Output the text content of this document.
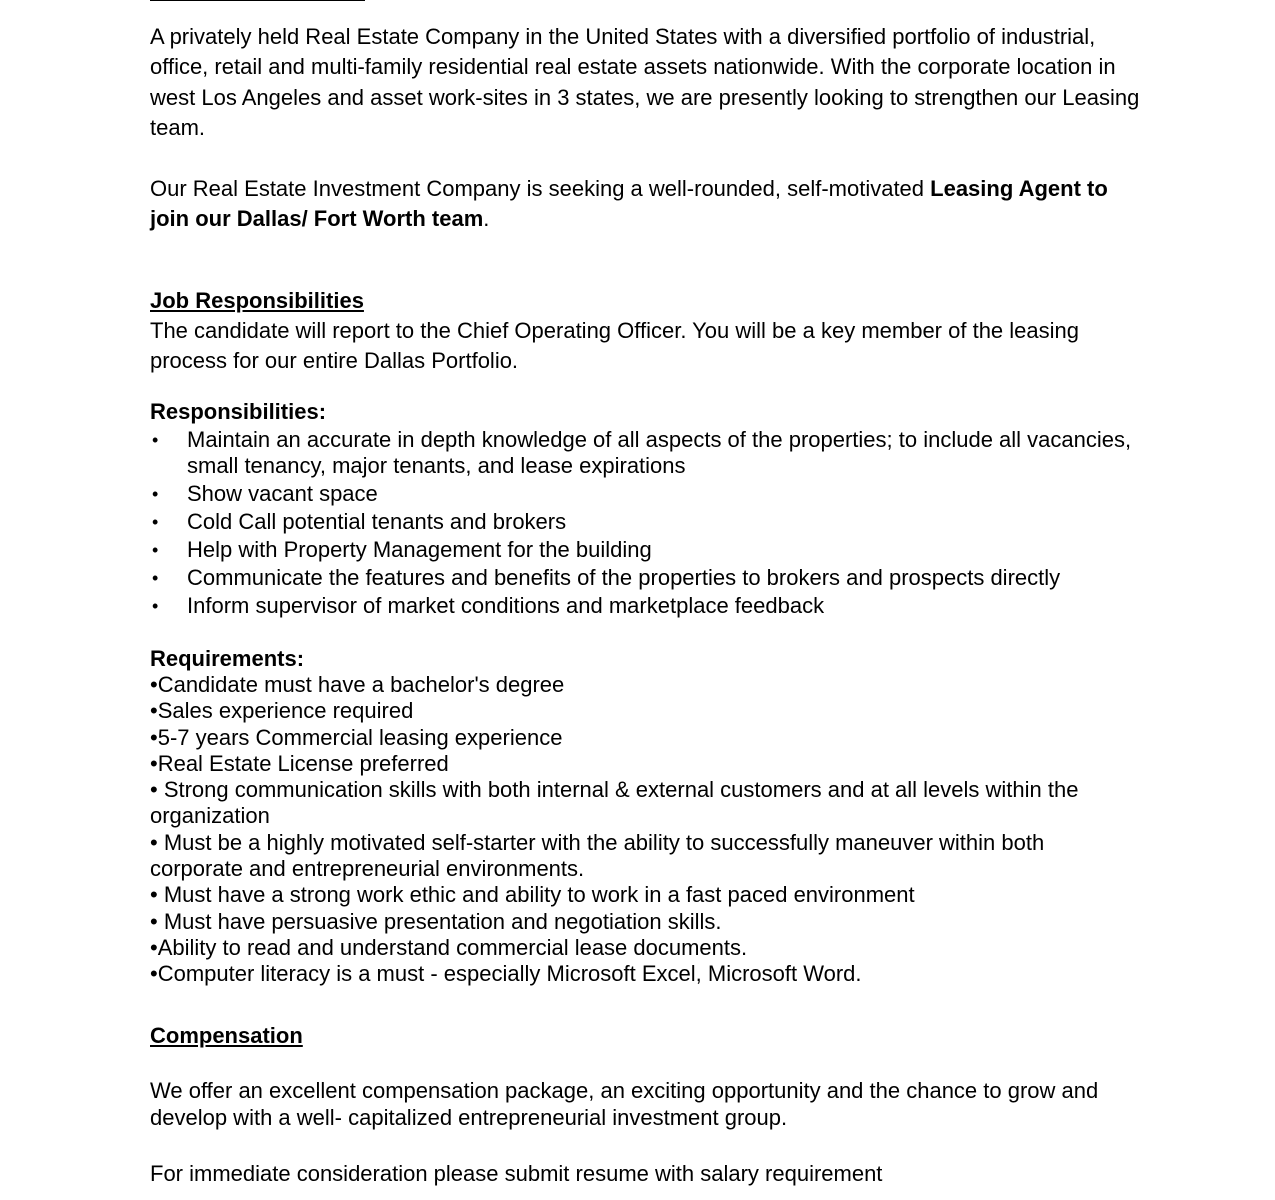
A privately held Real Estate Company in the United States with a diversified portfolio of industrial, office, retail and multi-family residential real estate assets nationwide. With the corporate location in west Los Angeles and asset work-sites in 3 states, we are presently looking to strengthen our Leasing team.

Our Real Estate Investment Company is seeking a well-rounded, self-motivated Leasing Agent to join our Dallas/ Fort Worth team.

Job Responsibilities

The candidate will report to the Chief Operating Officer. You will be a key member of the leasing process for our entire Dallas Portfolio.

Responsibilities:
• Maintain an accurate in depth knowledge of all aspects of the properties; to include all vacancies, small tenancy, major tenants, and lease expirations
• Show vacant space
• Cold Call potential tenants and brokers
• Help with Property Management for the building
• Communicate the features and benefits of the properties to brokers and prospects directly
• Inform supervisor of market conditions and marketplace feedback
Requirements:
•Candidate must have a bachelor's degree
•Sales experience required
•5-7 years Commercial leasing experience
•Real Estate License preferred
• Strong communication skills with both internal & external customers and at all levels within the organization
• Must be a highly motivated self-starter with the ability to successfully maneuver within both corporate and entrepreneurial environments.
• Must have a strong work ethic and ability to work in a fast paced environment
• Must have persuasive presentation and negotiation skills.
•Ability to read and understand commercial lease documents.
•Computer literacy is a must - especially Microsoft Excel, Microsoft Word.
Compensation

We offer an excellent compensation package, an exciting opportunity and the chance to grow and develop with a well- capitalized entrepreneurial investment group.

For immediate consideration please submit resume with salary requirement
